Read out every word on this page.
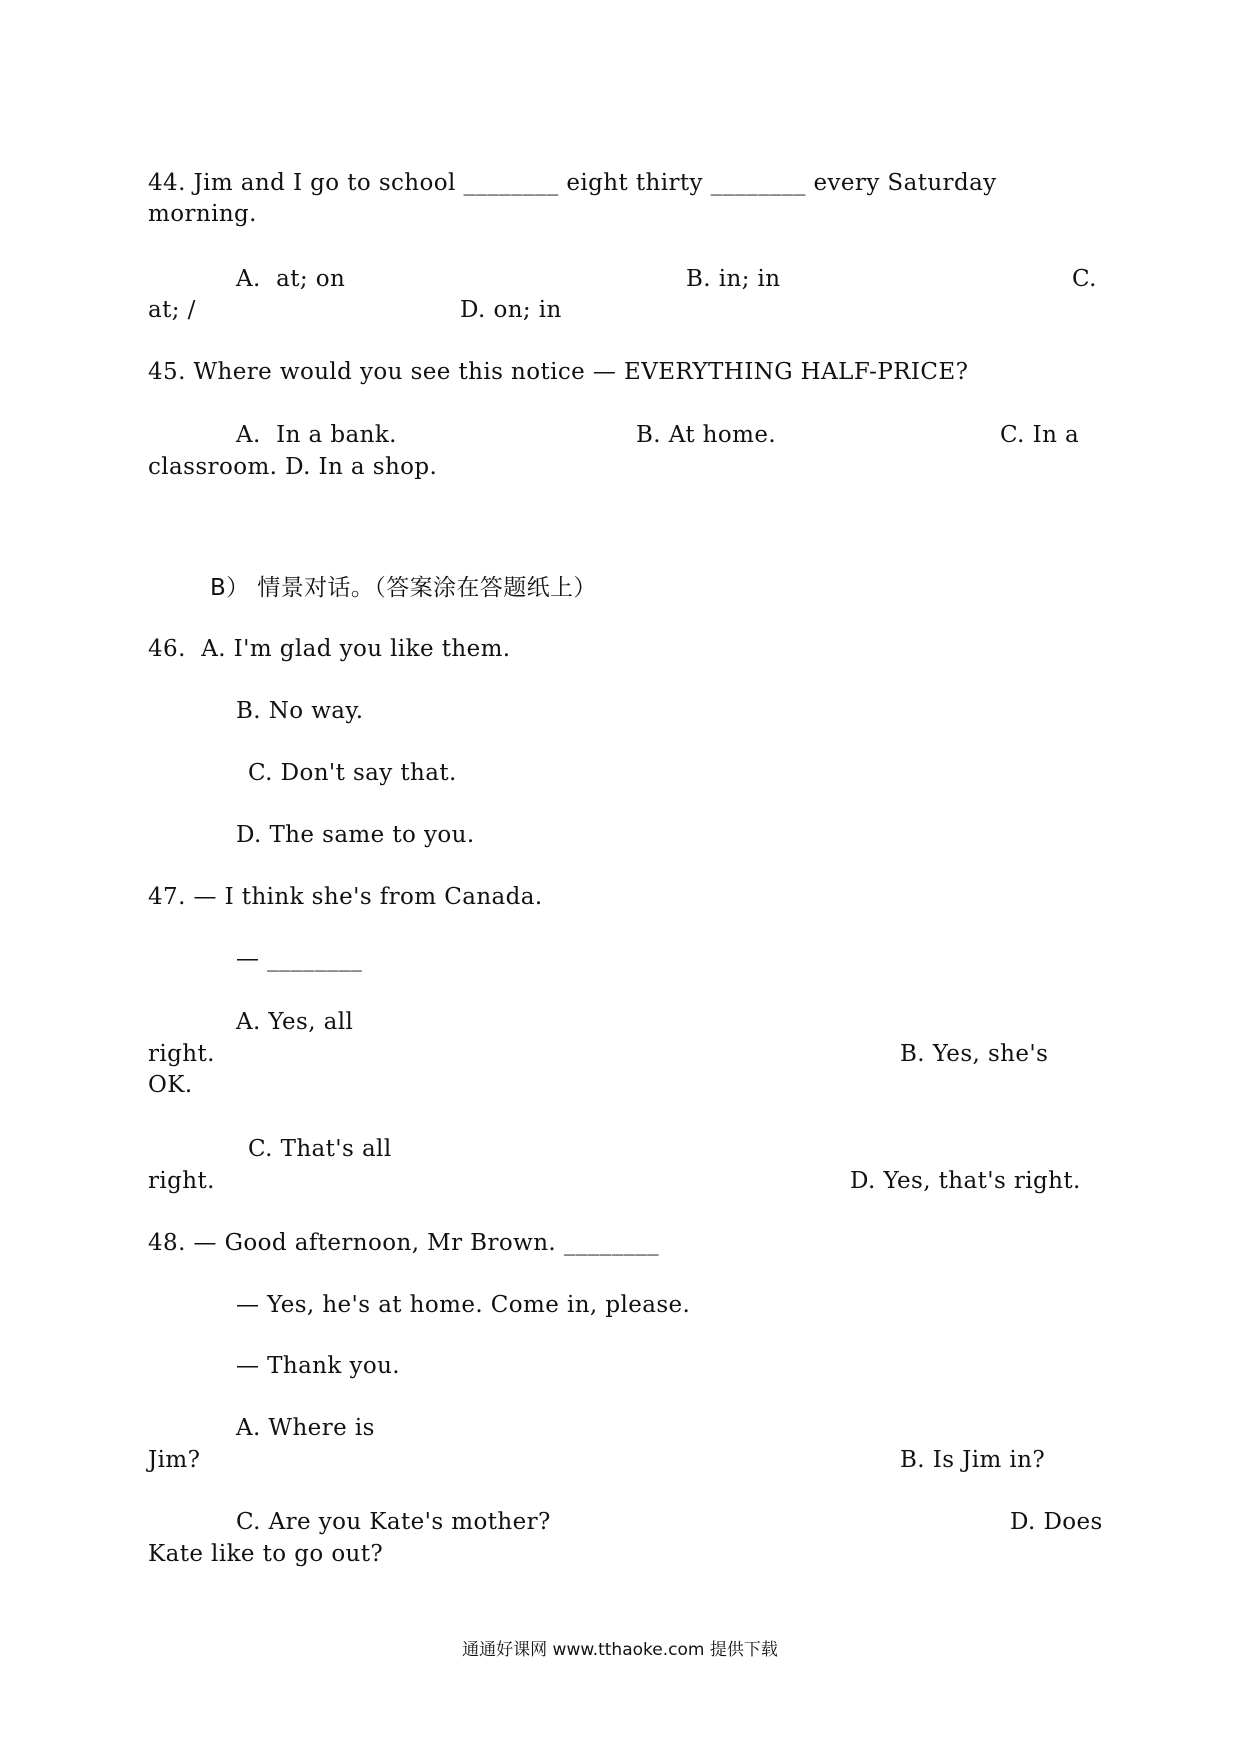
44. Jim and I go to school ________ eight thirty ________ every Saturday
morning.
A.  at; on	B. in; in	C.
at; /	D. on; in
45. Where would you see this notice — EVERYTHING HALF-PRICE?
A.  In a bank.	B. At home.	C. In a
classroom. D. In a shop.
B） 情景对话。（答案涂在答题纸上）
46.  A. I'm glad you like them.
B. No way.
C. Don't say that.
D. The same to you.
47. — I think she's from Canada.
— ________
A. Yes, all
right.	B. Yes, she's
OK.
C. That's all
right.	D. Yes, that's right.
48. — Good afternoon, Mr Brown. ________
— Yes, he's at home. Come in, please.
— Thank you.
A. Where is
Jim?	B. Is Jim in?
C. Are you Kate's mother?	D. Does
Kate like to go out?
通通好课网 www.tthaoke.com 提供下载
